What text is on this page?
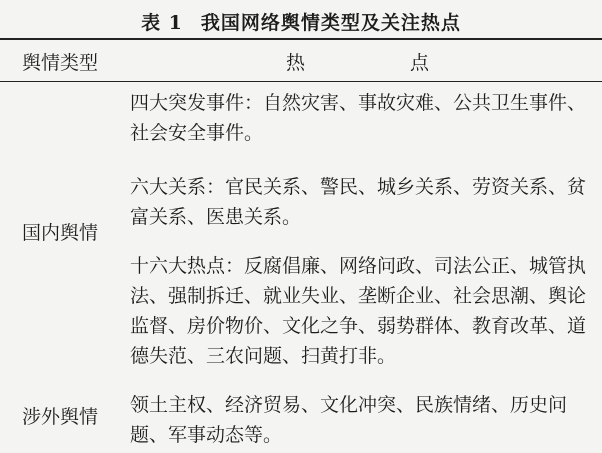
表 1 我国网络舆情类型及关注热点
舆情类型	热点
四大突发事件：自然灾害、事故灾难、公共卫生事件、社会安全事件。
六大关系：官民关系、警民、城乡关系、劳资关系、贫富关系、医患关系。
十六大热点：反腐倡廉、网络问政、司法公正、城管执法、强制拆迁、就业失业、垄断企业、社会思潮、舆论监督、房价物价、文化之争、弱势群体、教育改革、道德失范、三农问题、扫黄打非。
国内舆情
领土主权、经济贸易、文化冲突、民族情绪、历史问题、军事动态等。
涉外舆情
